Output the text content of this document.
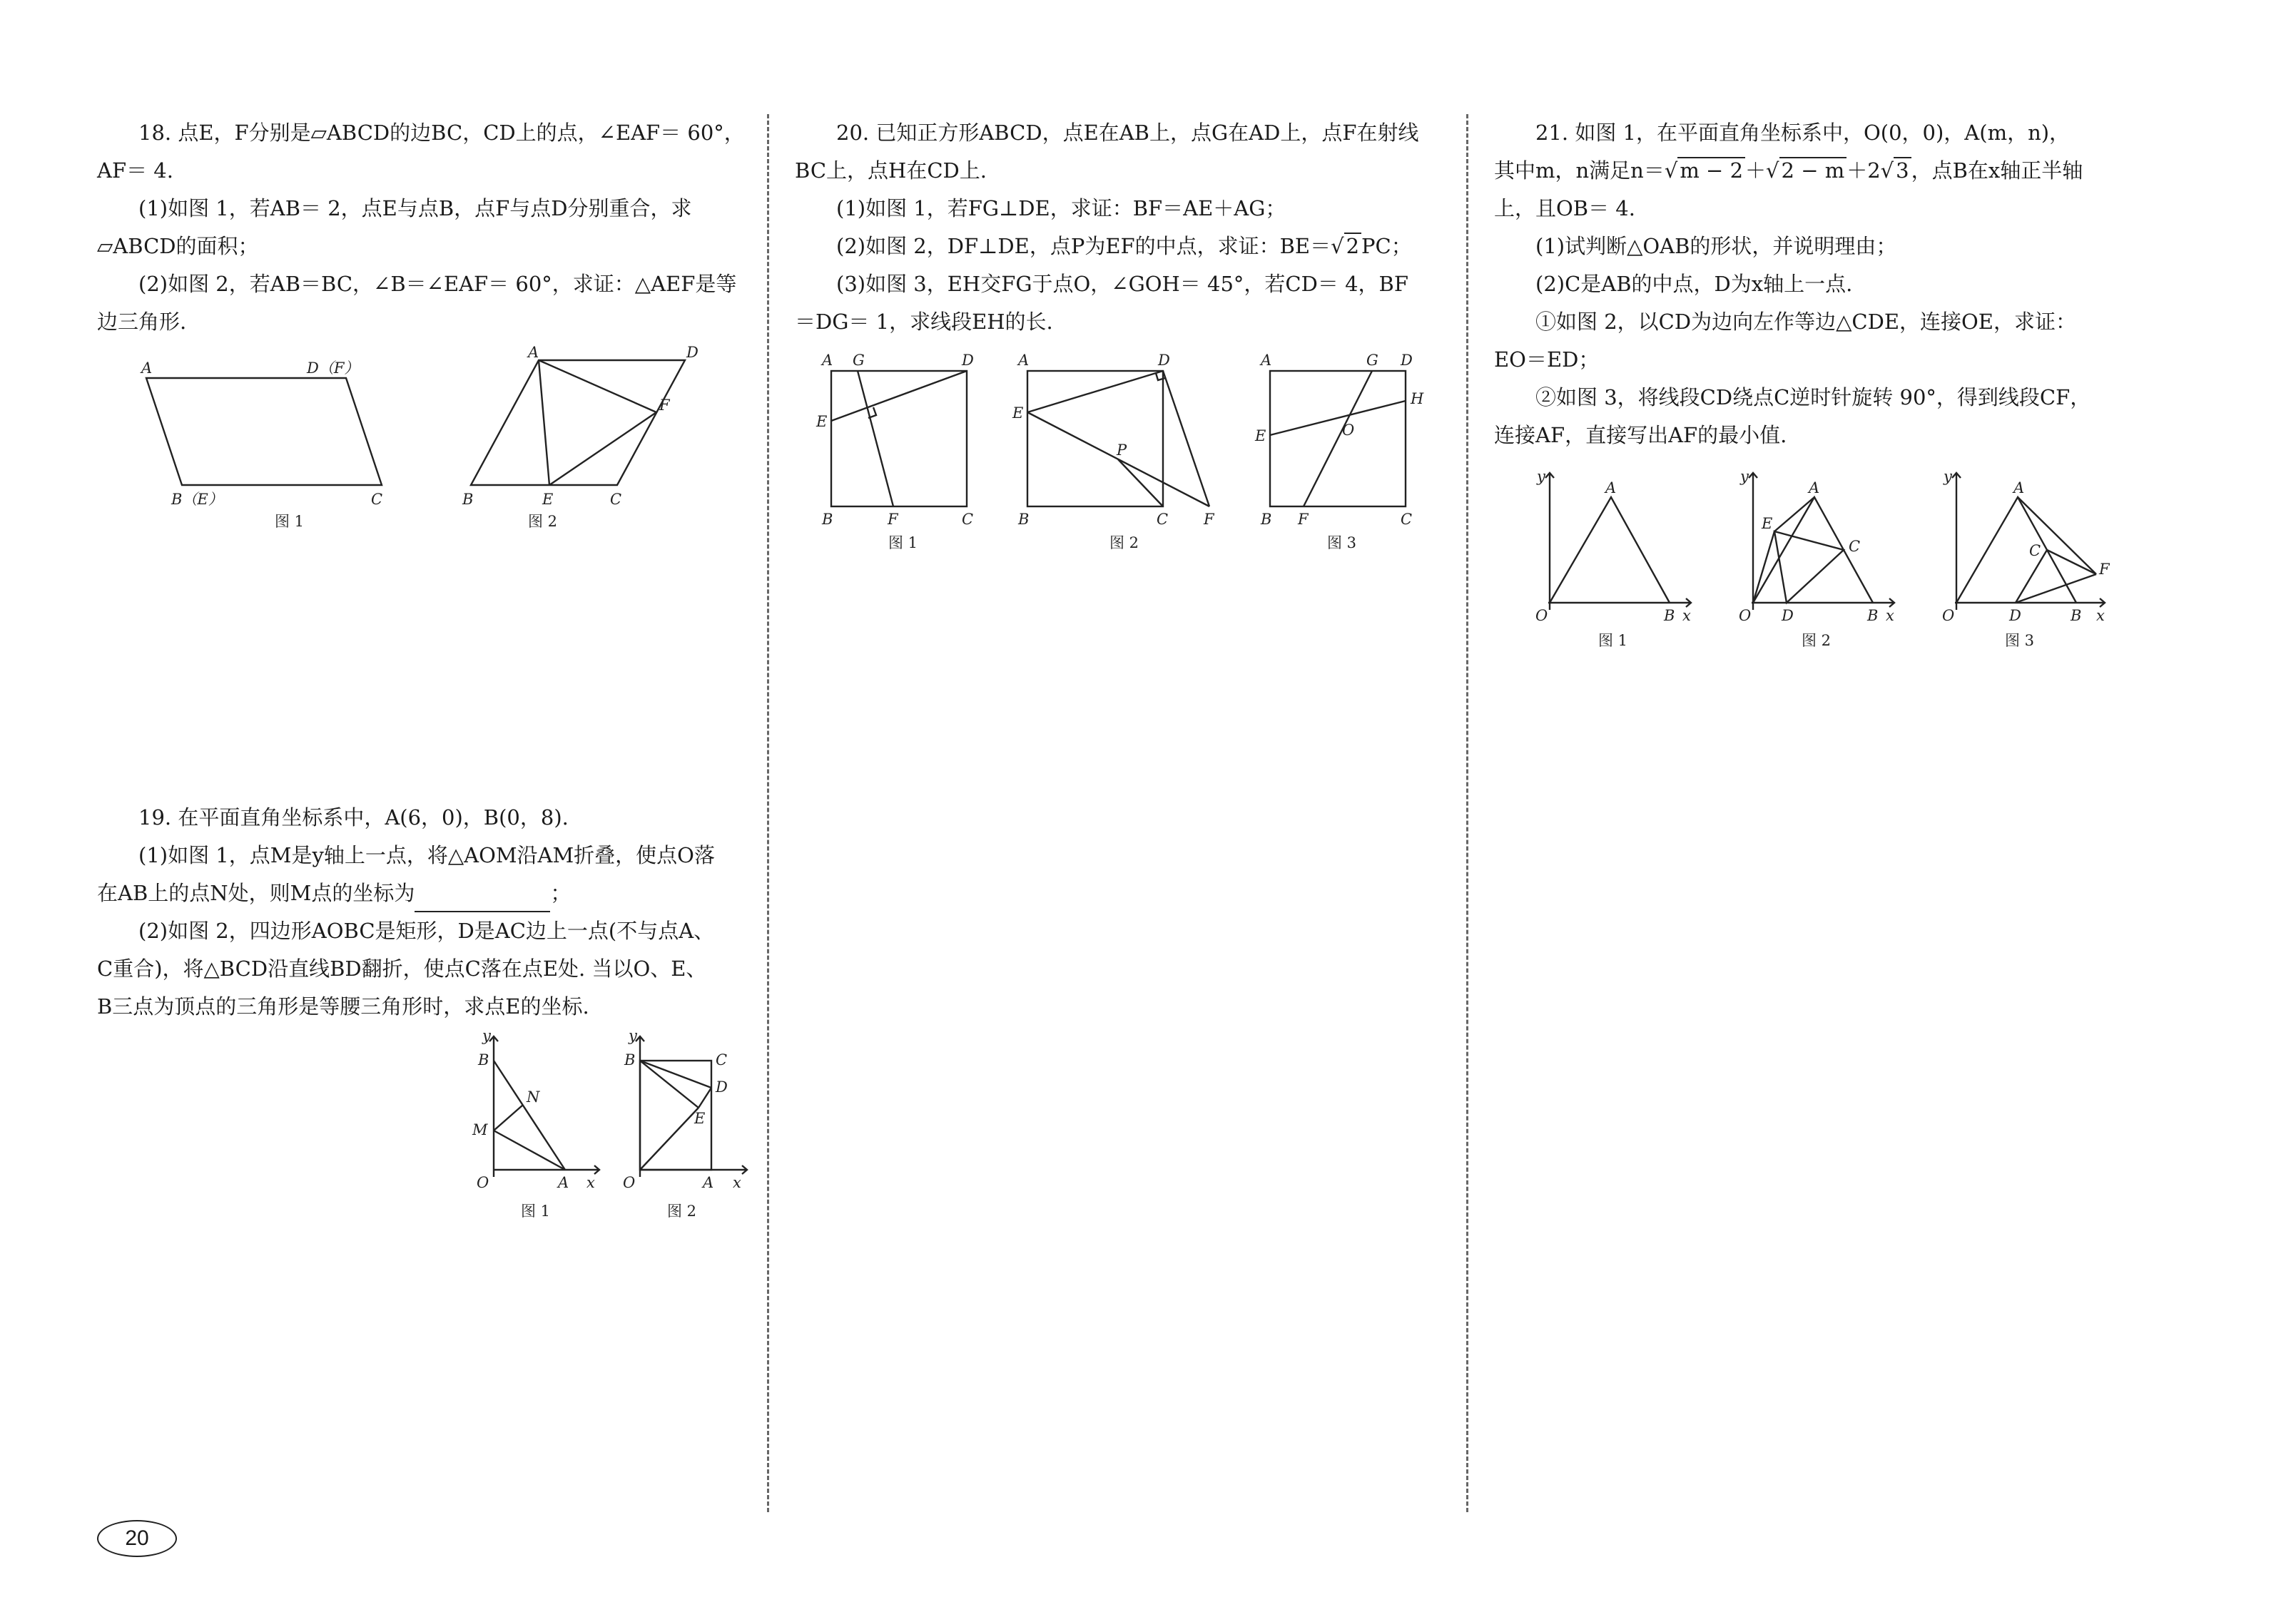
18. 点E，F分别是▱ABCD的边BC，CD上的点，∠EAF＝ 60°，

AF＝ 4.

(1)如图 1，若AB＝ 2，点E与点B，点F与点D分别重合，求

▱ABCD的面积；

(2)如图 2，若AB＝BC，∠B＝∠EAF＝ 60°，求证：△AEF是等

边三角形.

A	D（F）
B（E）	C
图 1
A	D
F
B	E	C
图 2

19. 在平面直角坐标系中，A(6，0)，B(0，8).

(1)如图 1，点M是y轴上一点，将△AOM沿AM折叠，使点O落

在AB上的点N处，则M点的坐标为	；

(2)如图 2，四边形AOBC是矩形，D是AC边上一点(不与点A、

C重合)，将△BCD沿直线BD翻折，使点C落在点E处. 当以O、E、

B三点为顶点的三角形是等腰三角形时，求点E的坐标.

y
B
N
M
O	A x
图 1
y
B	C
D
E
O	A x
图 2

20. 已知正方形ABCD，点E在AB上，点G在AD上，点F在射线

BC上，点H在CD上.

(1)如图 1，若FG⊥DE，求证：BF＝AE＋AG；

(2)如图 2，DF⊥DE，点P为EF的中点，求证：BE＝√ 2 PC；

(3)如图 3，EH交FG于点O，∠GOH＝ 45°，若CD＝ 4，BF

＝DG＝ 1，求线段EH的长.

A G	D
E
B	F	C
图 1
A	D
E
P
B	C F
图 2
A	G D
H
E	O
B F	C
图 3

21. 如图 1，在平面直角坐标系中，O(0，0)，A(m，n)，

其中m，n满足n＝√ m − 2 ＋√ 2 − m ＋2√ 3 ，点B在x轴正半轴

上，且OB＝ 4.

(1)试判断△OAB的形状，并说明理由；

(2)C是AB的中点，D为x轴上一点.

①如图 2，以CD为边向左作等边△CDE，连接OE，求证：

EO＝ED；

②如图 3，将线段CD绕点C逆时针旋转 90°，得到线段CF，

连接AF，直接写出AF的最小值.

y
A
O	B x
图 1
y
A
E
C
O D	B x
图 2
y
A
C
F
O	D	B x
图 3
20
